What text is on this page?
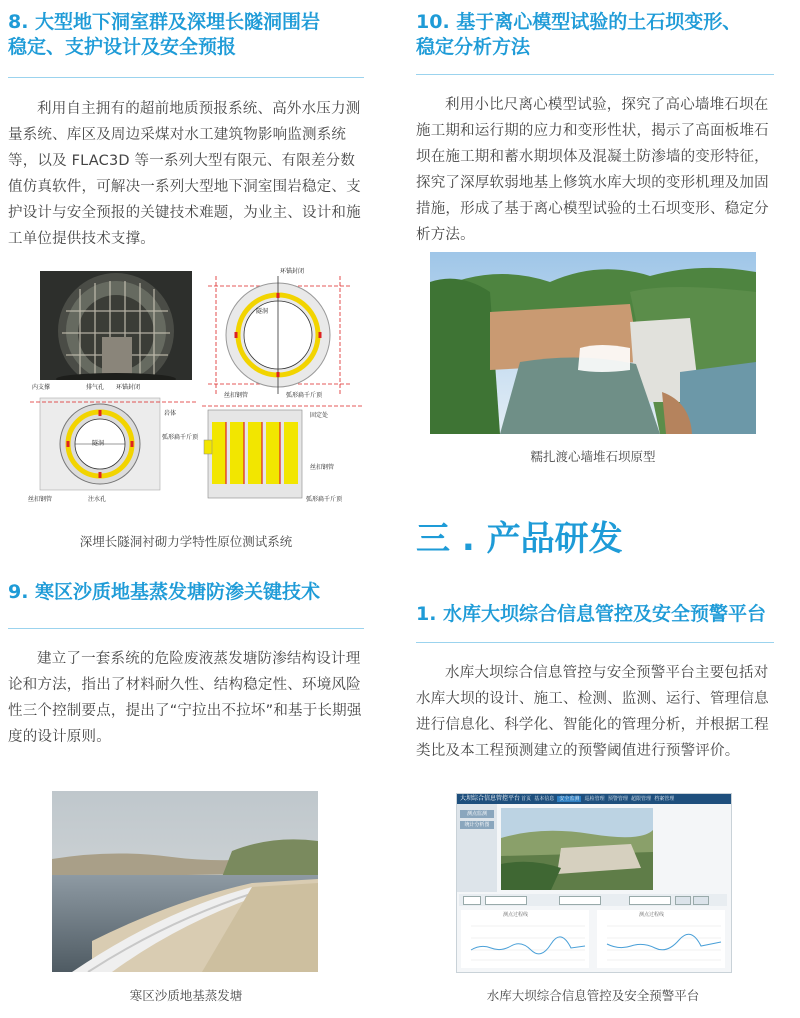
8. 大型地下洞室群及深埋长隧洞围岩

稳定、支护设计及安全预报

利用自主拥有的超前地质预报系统、高外水压力测量系统、库区及周边采煤对水工建筑物影响监测系统等，以及 FLAC3D 等一系列大型有限元、有限差分数值仿真软件，可解决一系列大型地下洞室围岩稳定、支护设计与安全预报的关键技术难题，为业主、设计和施工单位提供技术支撑。

环锚封闭
隧洞
丝扣钢管	弧形扁千斤顶
内支撑	排气孔 环锚封闭
岩体
弧形扁千斤顶
隧洞
丝扣钢管	注水孔
固定处
丝扣钢管
弧形扁千斤顶

深埋长隧洞衬砌力学特性原位测试系统

9. 寒区沙质地基蒸发塘防渗关键技术

建立了一套系统的危险废液蒸发塘防渗结构设计理论和方法，指出了材料耐久性、结构稳定性、环境风险性三个控制要点，提出了“宁拉出不拉坏”和基于长期强度的设计原则。

寒区沙质地基蒸发塘

10. 基于离心模型试验的土石坝变形、

稳定分析方法

利用小比尺离心模型试验，探究了高心墙堆石坝在施工期和运行期的应力和变形性状，揭示了高面板堆石坝在施工期和蓄水期坝体及混凝土防渗墙的变形特征，探究了深厚软弱地基上修筑水库大坝的变形机理及加固措施，形成了基于离心模型试验的土石坝变形、稳定分析方法。

糯扎渡心墙堆石坝原型

三 . 产品研发

1. 水库大坝综合信息管控及安全预警平台

水库大坝综合信息管控与安全预警平台主要包括对水库大坝的设计、施工、检测、监测、运行、管理信息进行信息化、科学化、智能化的管理分析，并根据工程类比及本工程预测建立的预警阈值进行预警评价。

大坝综合信息管控平台 首页 基本信息 安全监测 巡检管理 预警管理 超限管理 档案管理
测点监测
统计分析图
测点过程线	测点过程线

水库大坝综合信息管控及安全预警平台
